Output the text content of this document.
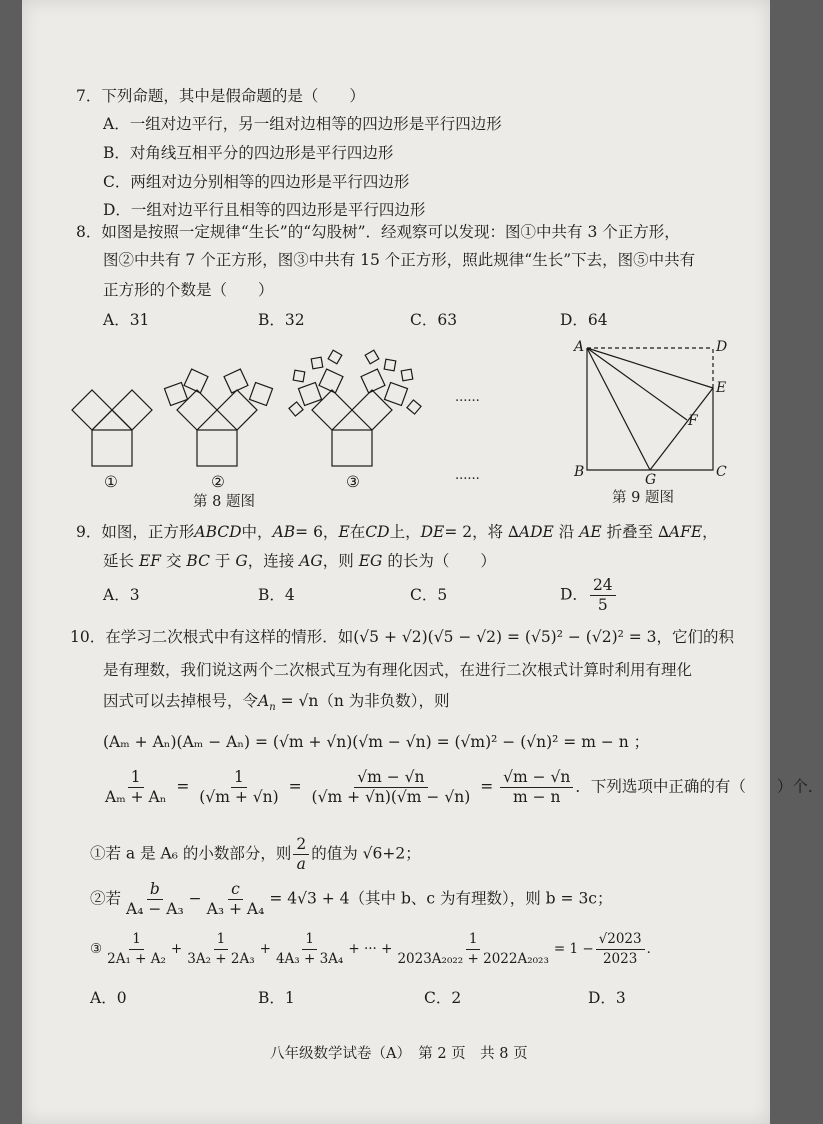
7．下列命题，其中是假命题的是（　　）
A．一组对边平行，另一组对边相等的四边形是平行四边形
B．对角线互相平分的四边形是平行四边形
C．两组对边分别相等的四边形是平行四边形
D．一组对边平行且相等的四边形是平行四边形
8．如图是按照一定规律“生长”的“勾股树”．经观察可以发现：图①中共有 3 个正方形，
图②中共有 7 个正方形，图③中共有 15 个正方形，照此规律“生长”下去，图⑤中共有
正方形的个数是（　　）
A．31	B．32	C．63	D．64
......
......
①	②	③
第 8 题图
A	D
E
F
B	G	C
第 9 题图
9．如图，正方形ABCD中，AB= 6，E在CD上，DE= 2，将 ∆ADE 沿 AE 折叠至 ∆AFE，
延长 EF 交 BC 于 G，连接 AG，则 EG 的长为（　　）
A．3	B．4	C．5	D． $\frac{24}{5}$
10．在学习二次根式中有这样的情形．如(√5 + √2)(√5 − √2) = (√5)² − (√2)² = 3，它们的积
是有理数，我们说这两个二次根式互为有理化因式，在进行二次根式计算时利用有理化
因式可以去掉根号，令$A_n = √n(n$ 为非负数），则
(Aₘ + Aₙ)(Aₘ − Aₙ) = (√m + √n)(√m − √n) = (√m)² − (√n)² = m − n ；
$\frac{1}{\text{Aₘ + Aₙ}} = \frac{1}{(√m + √n)} = \frac{√m - √n}{(√m + √n)(√m - √n)} = \frac{√m - √n}{m - n}$ ．下列选项中正确的有（　　）个．
①若 a 是 A₆ 的小数部分，则 $\frac{2}{a}$ 的值为 √6+2；
②若 $\frac{b}{\text{A₄ − A₃}} - \frac{c}{\text{A₃ + A₄}} = 4√3 + 4$（其中 b、c 为有理数），则 b = 3c；
③ $\frac{1}{\text{2A₁ + A₂}} + \frac{1}{\text{3A₂ + 2A₃}} + \frac{1}{\text{4A₃ + 3A₄}}$ + ··· + $\frac{1}{\text{2023A₂₀₂₂ + 2022A₂₀₂₃}} = 1 - \frac{√2023}{2023}$ ．
A．0	B．1	C．2	D．3
八年级数学试卷（A）　第 2 页　共 8 页
